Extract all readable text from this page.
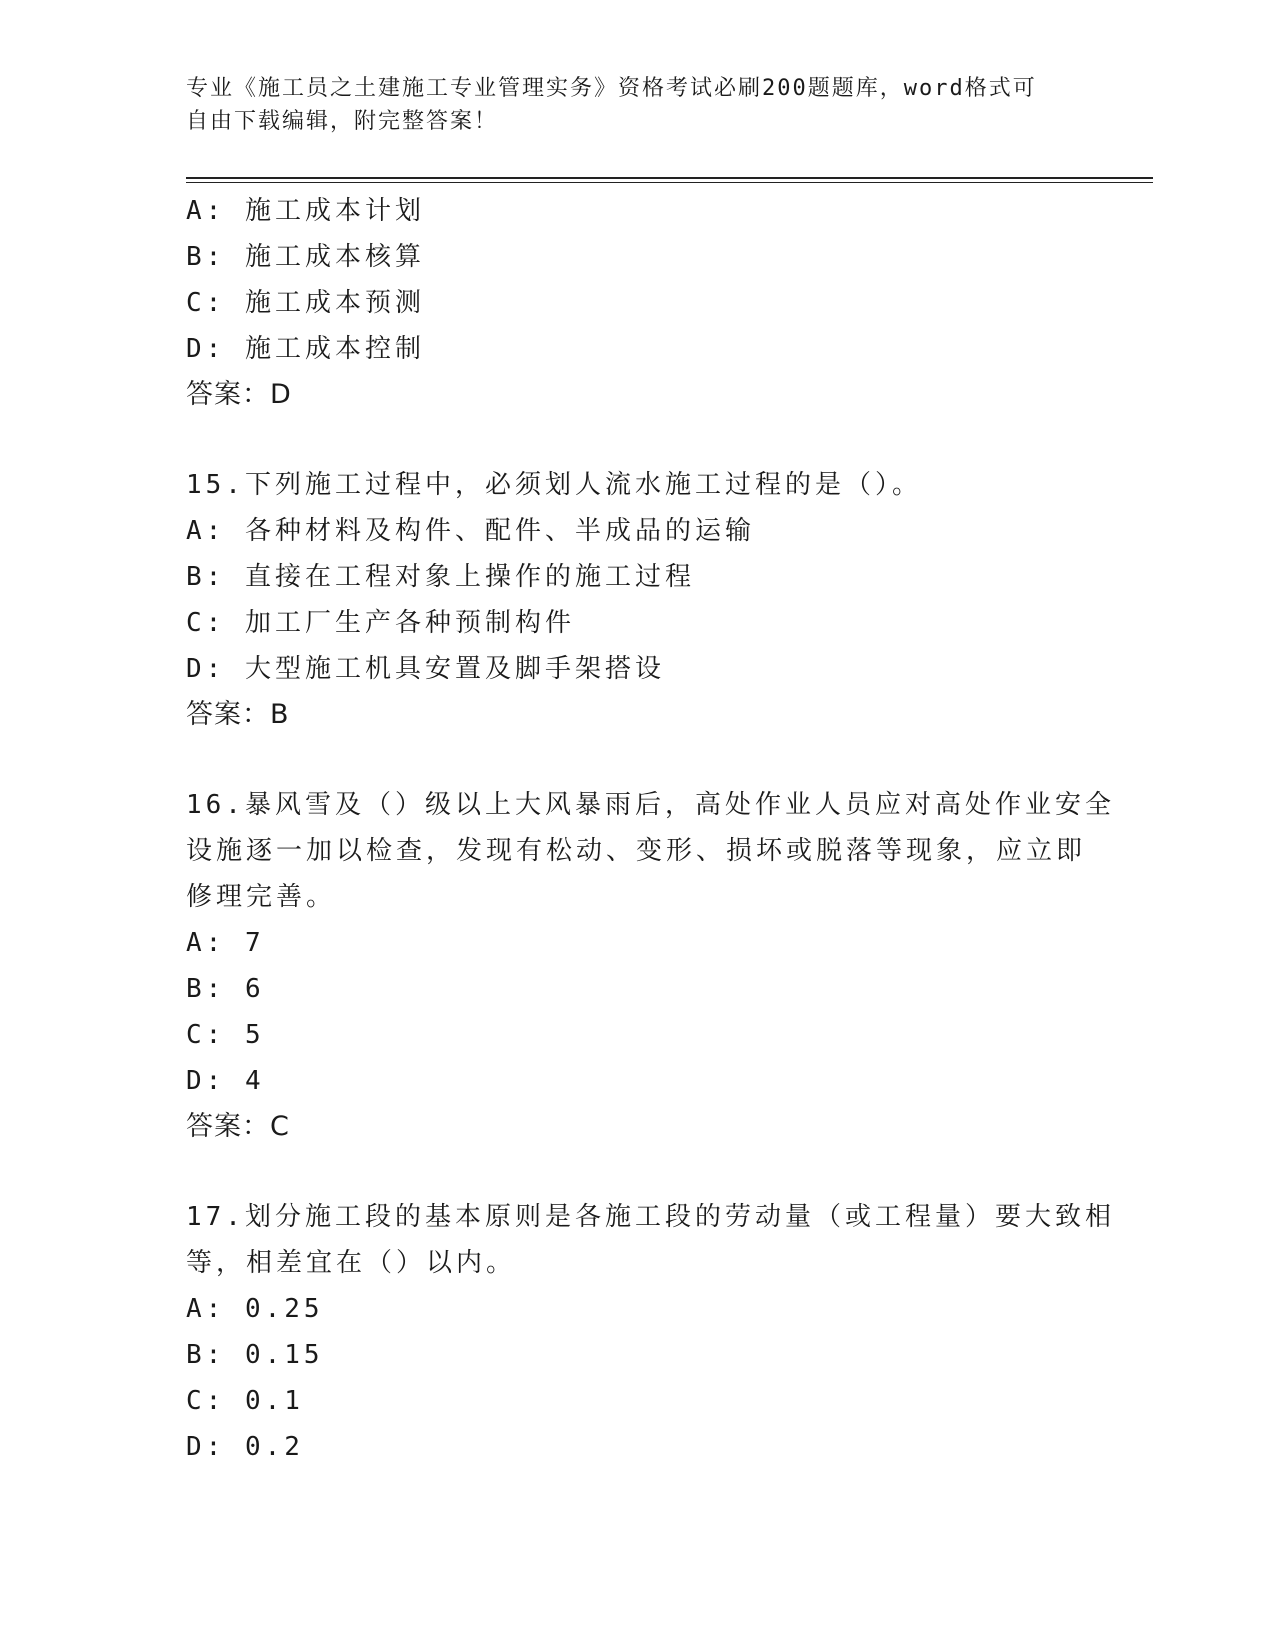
专业《施工员之土建施工专业管理实务》资格考试必刷200题题库，word格式可
自由下载编辑，附完整答案！
A: 施工成本计划
B: 施工成本核算
C: 施工成本预测
D: 施工成本控制
答案：D
15.下列施工过程中，必须划人流水施工过程的是（）。
A: 各种材料及构件、配件、半成品的运输
B: 直接在工程对象上操作的施工过程
C: 加工厂生产各种预制构件
D: 大型施工机具安置及脚手架搭设
答案：B
16.暴风雪及（）级以上大风暴雨后，高处作业人员应对高处作业安全
设施逐一加以检查，发现有松动、变形、损坏或脱落等现象，应立即
修理完善。
A: 7
B: 6
C: 5
D: 4
答案：C
17.划分施工段的基本原则是各施工段的劳动量（或工程量）要大致相
等，相差宜在（）以内。
A: 0.25
B: 0.15
C: 0.1
D: 0.2
